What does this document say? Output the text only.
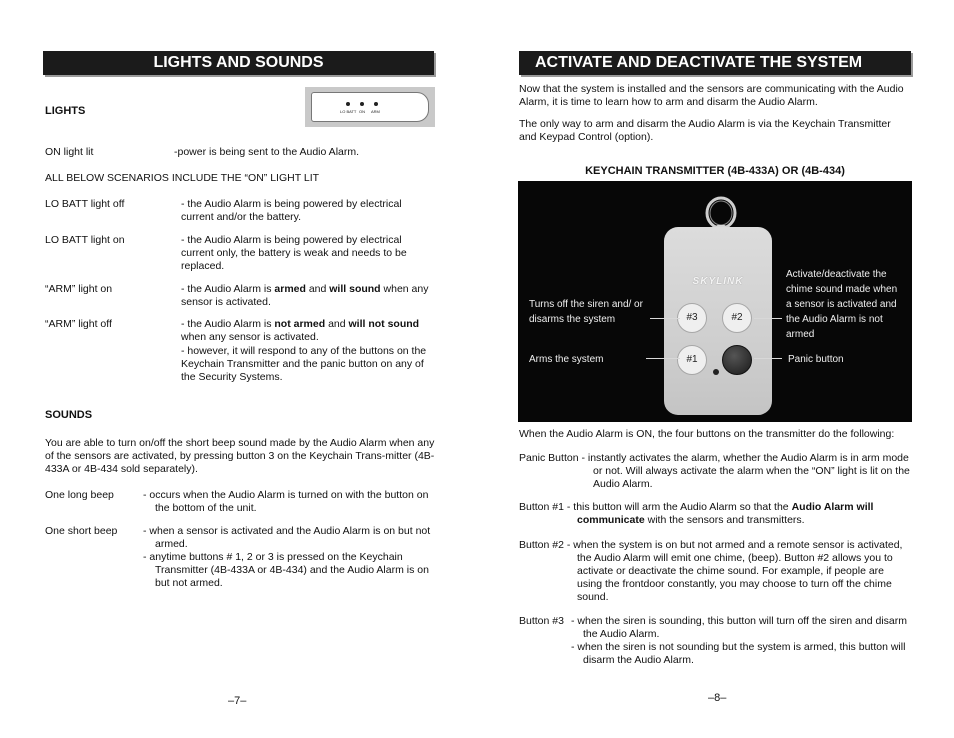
LIGHTS AND SOUNDS
LIGHTS	LO BATT ON ARM
ON light lit	-power is being sent to the Audio Alarm.
ALL BELOW SCENARIOS INCLUDE THE “ON” LIGHT LIT
LO BATT light off	- the Audio Alarm is being powered by electrical current and/or the battery.
LO BATT light on	- the Audio Alarm is being powered by electrical current only, the battery is weak and needs to be replaced.
“ARM” light on	- the Audio Alarm is armed and will sound when any sensor is activated.
“ARM” light off	- the Audio Alarm is not armed and will not sound when any sensor is activated.
- however, it will respond to any of the buttons on the Keychain Transmitter and the panic button on any of the Security Systems.
SOUNDS
You are able to turn on/off the short beep sound made by the Audio Alarm when any of the sensors are activated, by pressing button 3 on the Keychain Trans-mitter (4B-433A or 4B-434 sold separately).
One long beep	- occurs when the Audio Alarm is turned on with the button on the bottom of the unit.
One short beep - when a sensor is activated and the Audio Alarm is on but not armed.
- anytime buttons # 1, 2 or 3 is pressed on the Keychain Transmitter (4B-433A or 4B-434) and the Audio Alarm is on but not armed.
–7–
ACTIVATE AND DEACTIVATE THE SYSTEM
Now that the system is installed and the sensors are communicating with the Audio Alarm, it is time to learn how to arm and disarm the Audio Alarm.
The only way to arm and disarm the Audio Alarm is via the Keychain Transmitter and Keypad Control (option).
KEYCHAIN TRANSMITTER (4B-433A) OR (4B-434)
SKYLINK
#3	#2
#1
Turns off the siren and/ or disarms the system
Arms the system
Activate/deactivate the chime sound made when a sensor is activated and the Audio Alarm is not armed
Panic button
When the Audio Alarm is ON, the four buttons on the transmitter do the following:
Panic Button - instantly activates the alarm, whether the Audio Alarm is in arm mode or not. Will always activate the alarm when the “ON” light is lit on the Audio Alarm.
Button #1 - this button will arm the Audio Alarm so that the Audio Alarm will communicate with the sensors and transmitters.
Button #2 - when the system is on but not armed and a remote sensor is activated, the Audio Alarm will emit one chime, (beep). Button #2 allows you to activate or deactivate the chime sound. For example, if people are using the frontdoor constantly, you may choose to turn off the chime sound.
Button #3 - when the siren is sounding, this button will turn off the siren and disarm the Audio Alarm.
- when the siren is not sounding but the system is armed, this button will disarm the Audio Alarm.
–8–
